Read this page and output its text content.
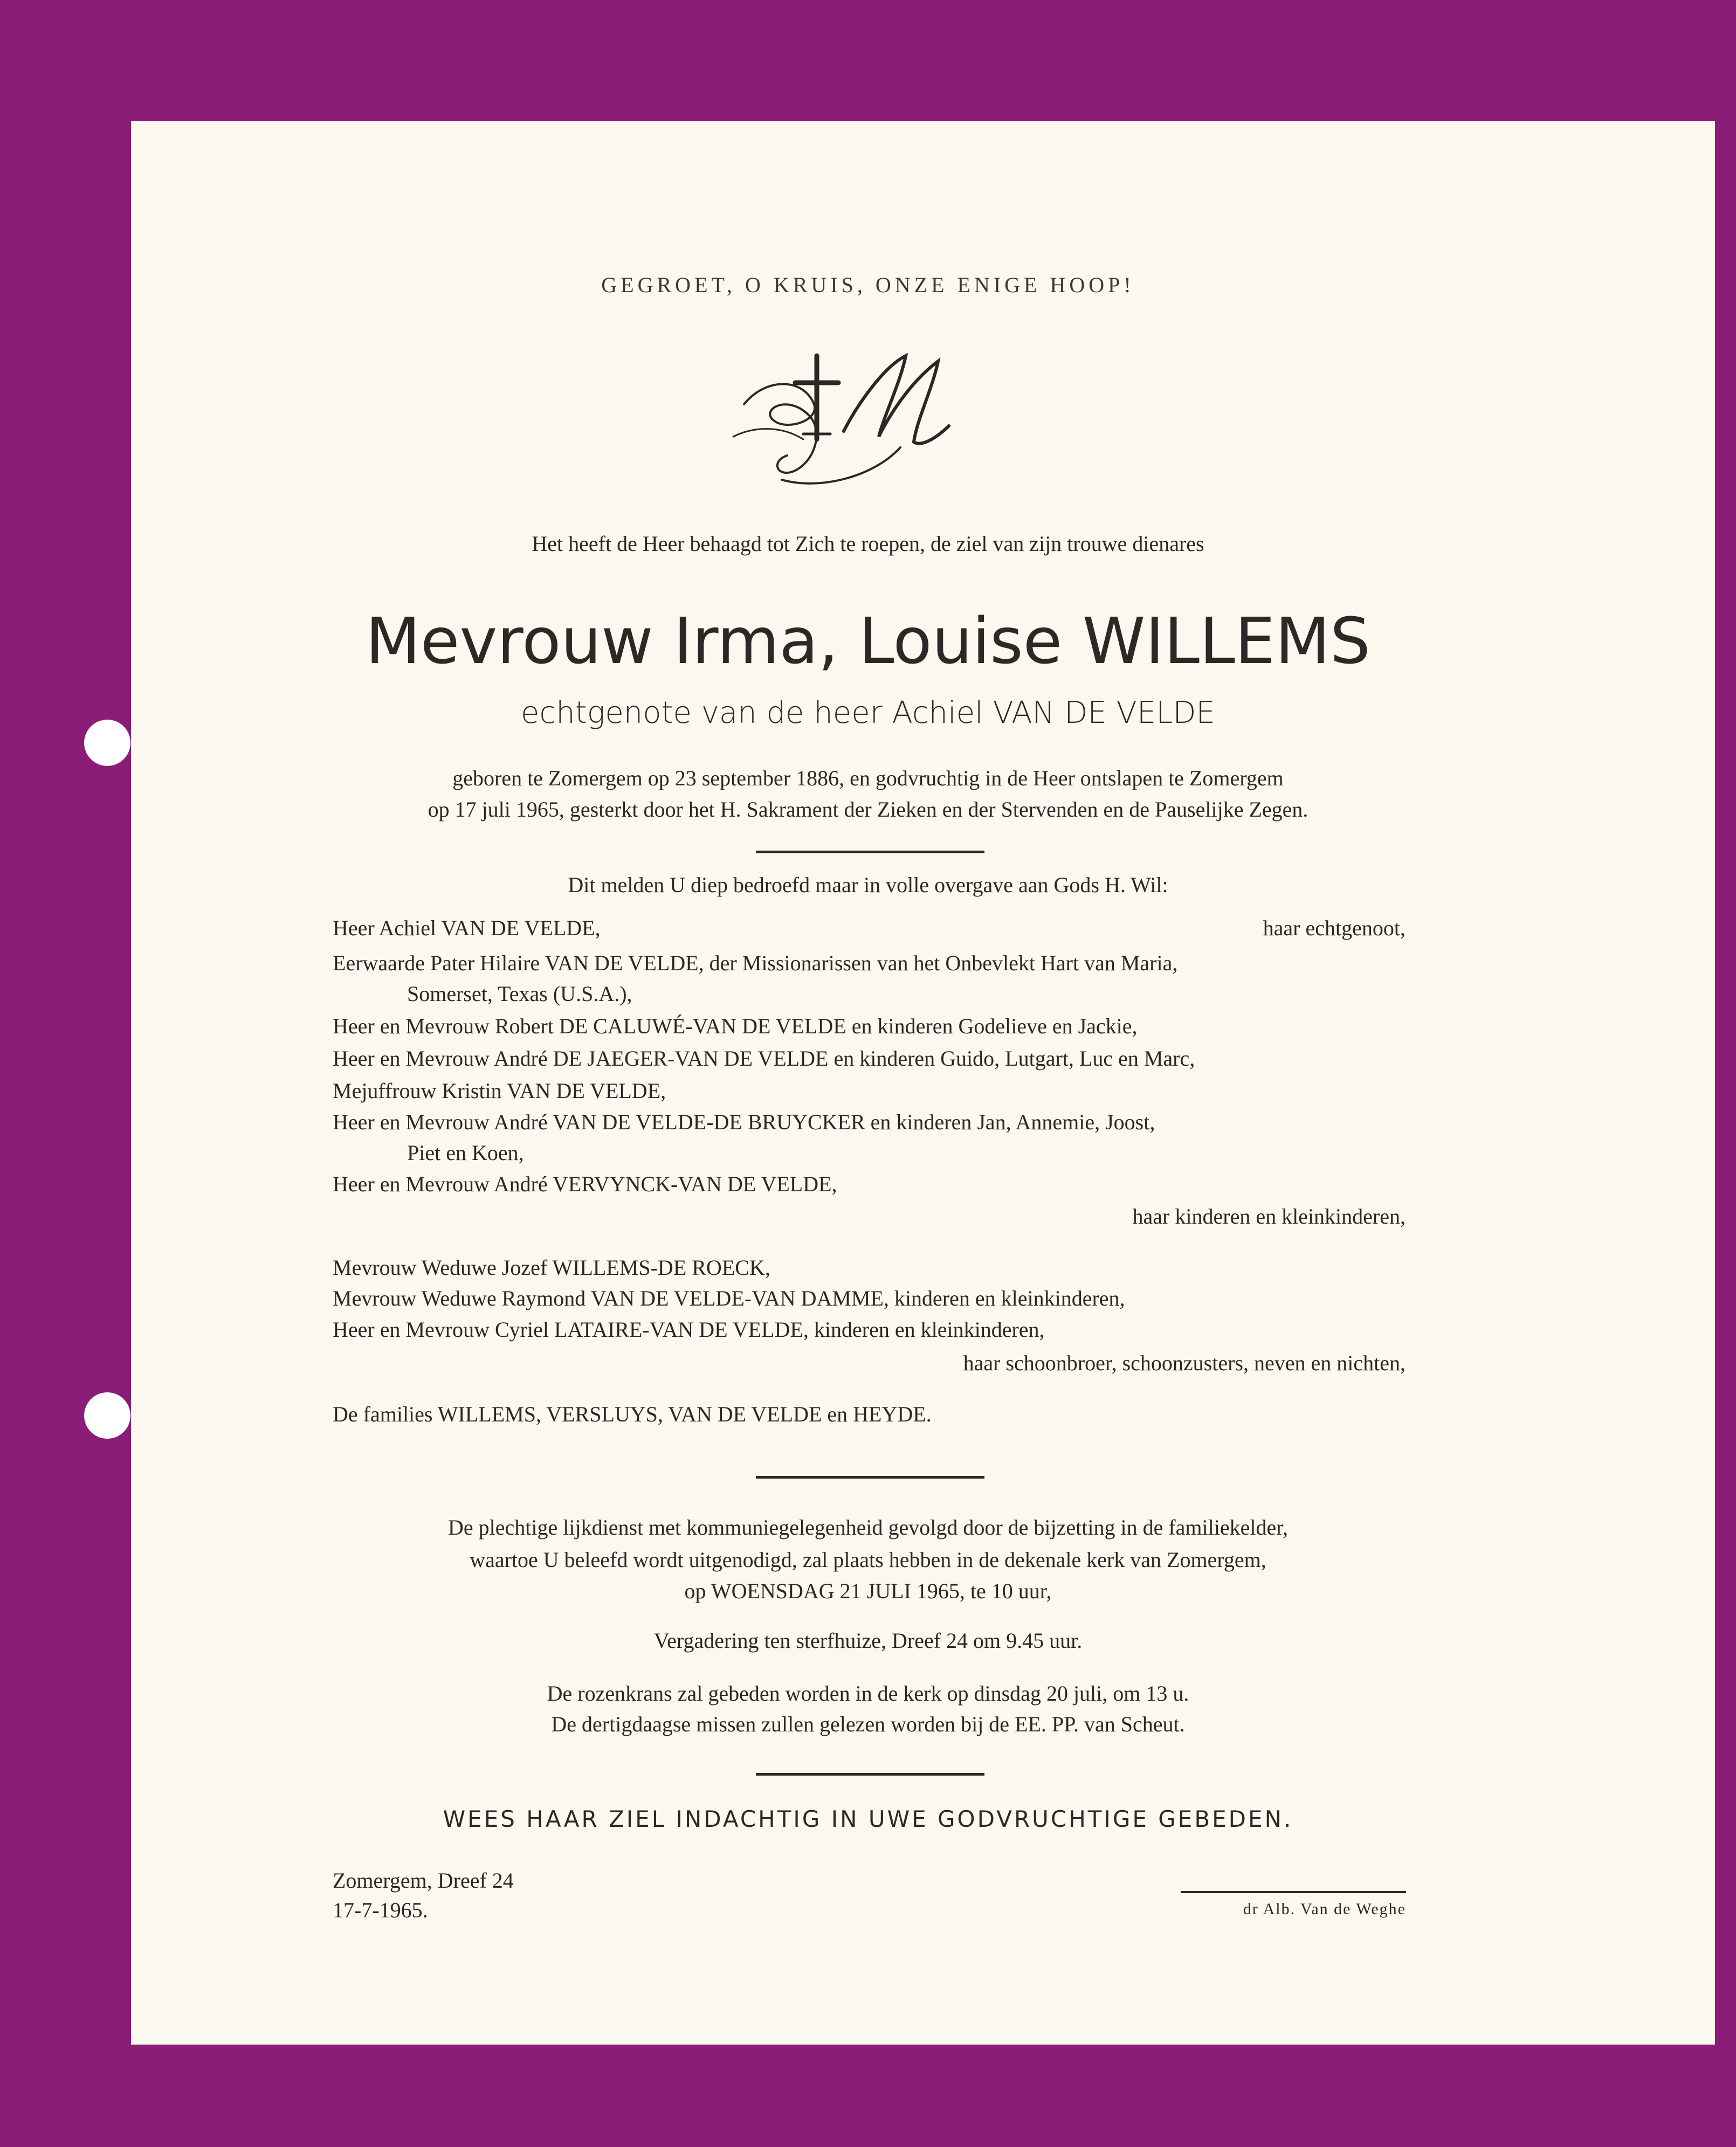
GEGROET, O KRUIS, ONZE ENIGE HOOP!

Het heeft de Heer behaagd tot Zich te roepen, de ziel van zijn trouwe dienares

Mevrouw Irma, Louise WILLEMS

echtgenote van de heer Achiel VAN DE VELDE

geboren te Zomergem op 23 september 1886, en godvruchtig in de Heer ontslapen te Zomergem

op 17 juli 1965, gesterkt door het H. Sakrament der Zieken en der Stervenden en de Pauselijke Zegen.

Dit melden U diep bedroefd maar in volle overgave aan Gods H. Wil:

Heer Achiel VAN DE VELDE,	haar echtgenoot,
Eerwaarde Pater Hilaire VAN DE VELDE, der Missionarissen van het Onbevlekt Hart van Maria,
Somerset, Texas (U.S.A.),
Heer en Mevrouw Robert DE CALUWÉ-VAN DE VELDE en kinderen Godelieve en Jackie,
Heer en Mevrouw André DE JAEGER-VAN DE VELDE en kinderen Guido, Lutgart, Luc en Marc,
Mejuffrouw Kristin VAN DE VELDE,
Heer en Mevrouw André VAN DE VELDE-DE BRUYCKER en kinderen Jan, Annemie, Joost,
Piet en Koen,
Heer en Mevrouw André VERVYNCK-VAN DE VELDE,
haar kinderen en kleinkinderen,
Mevrouw Weduwe Jozef WILLEMS-DE ROECK,
Mevrouw Weduwe Raymond VAN DE VELDE-VAN DAMME, kinderen en kleinkinderen,
Heer en Mevrouw Cyriel LATAIRE-VAN DE VELDE, kinderen en kleinkinderen,
haar schoonbroer, schoonzusters, neven en nichten,
De families WILLEMS, VERSLUYS, VAN DE VELDE en HEYDE.

De plechtige lijkdienst met kommuniegelegenheid gevolgd door de bijzetting in de familiekelder,

waartoe U beleefd wordt uitgenodigd, zal plaats hebben in de dekenale kerk van Zomergem,

op WOENSDAG 21 JULI 1965, te 10 uur,

Vergadering ten sterfhuize, Dreef 24 om 9.45 uur.

De rozenkrans zal gebeden worden in de kerk op dinsdag 20 juli, om 13 u.

De dertigdaagse missen zullen gelezen worden bij de EE. PP. van Scheut.

WEES HAAR ZIEL INDACHTIG IN UWE GODVRUCHTIGE GEBEDEN.

Zomergem, Dreef 24
17-7-1965.	dr Alb. Van de Weghe
